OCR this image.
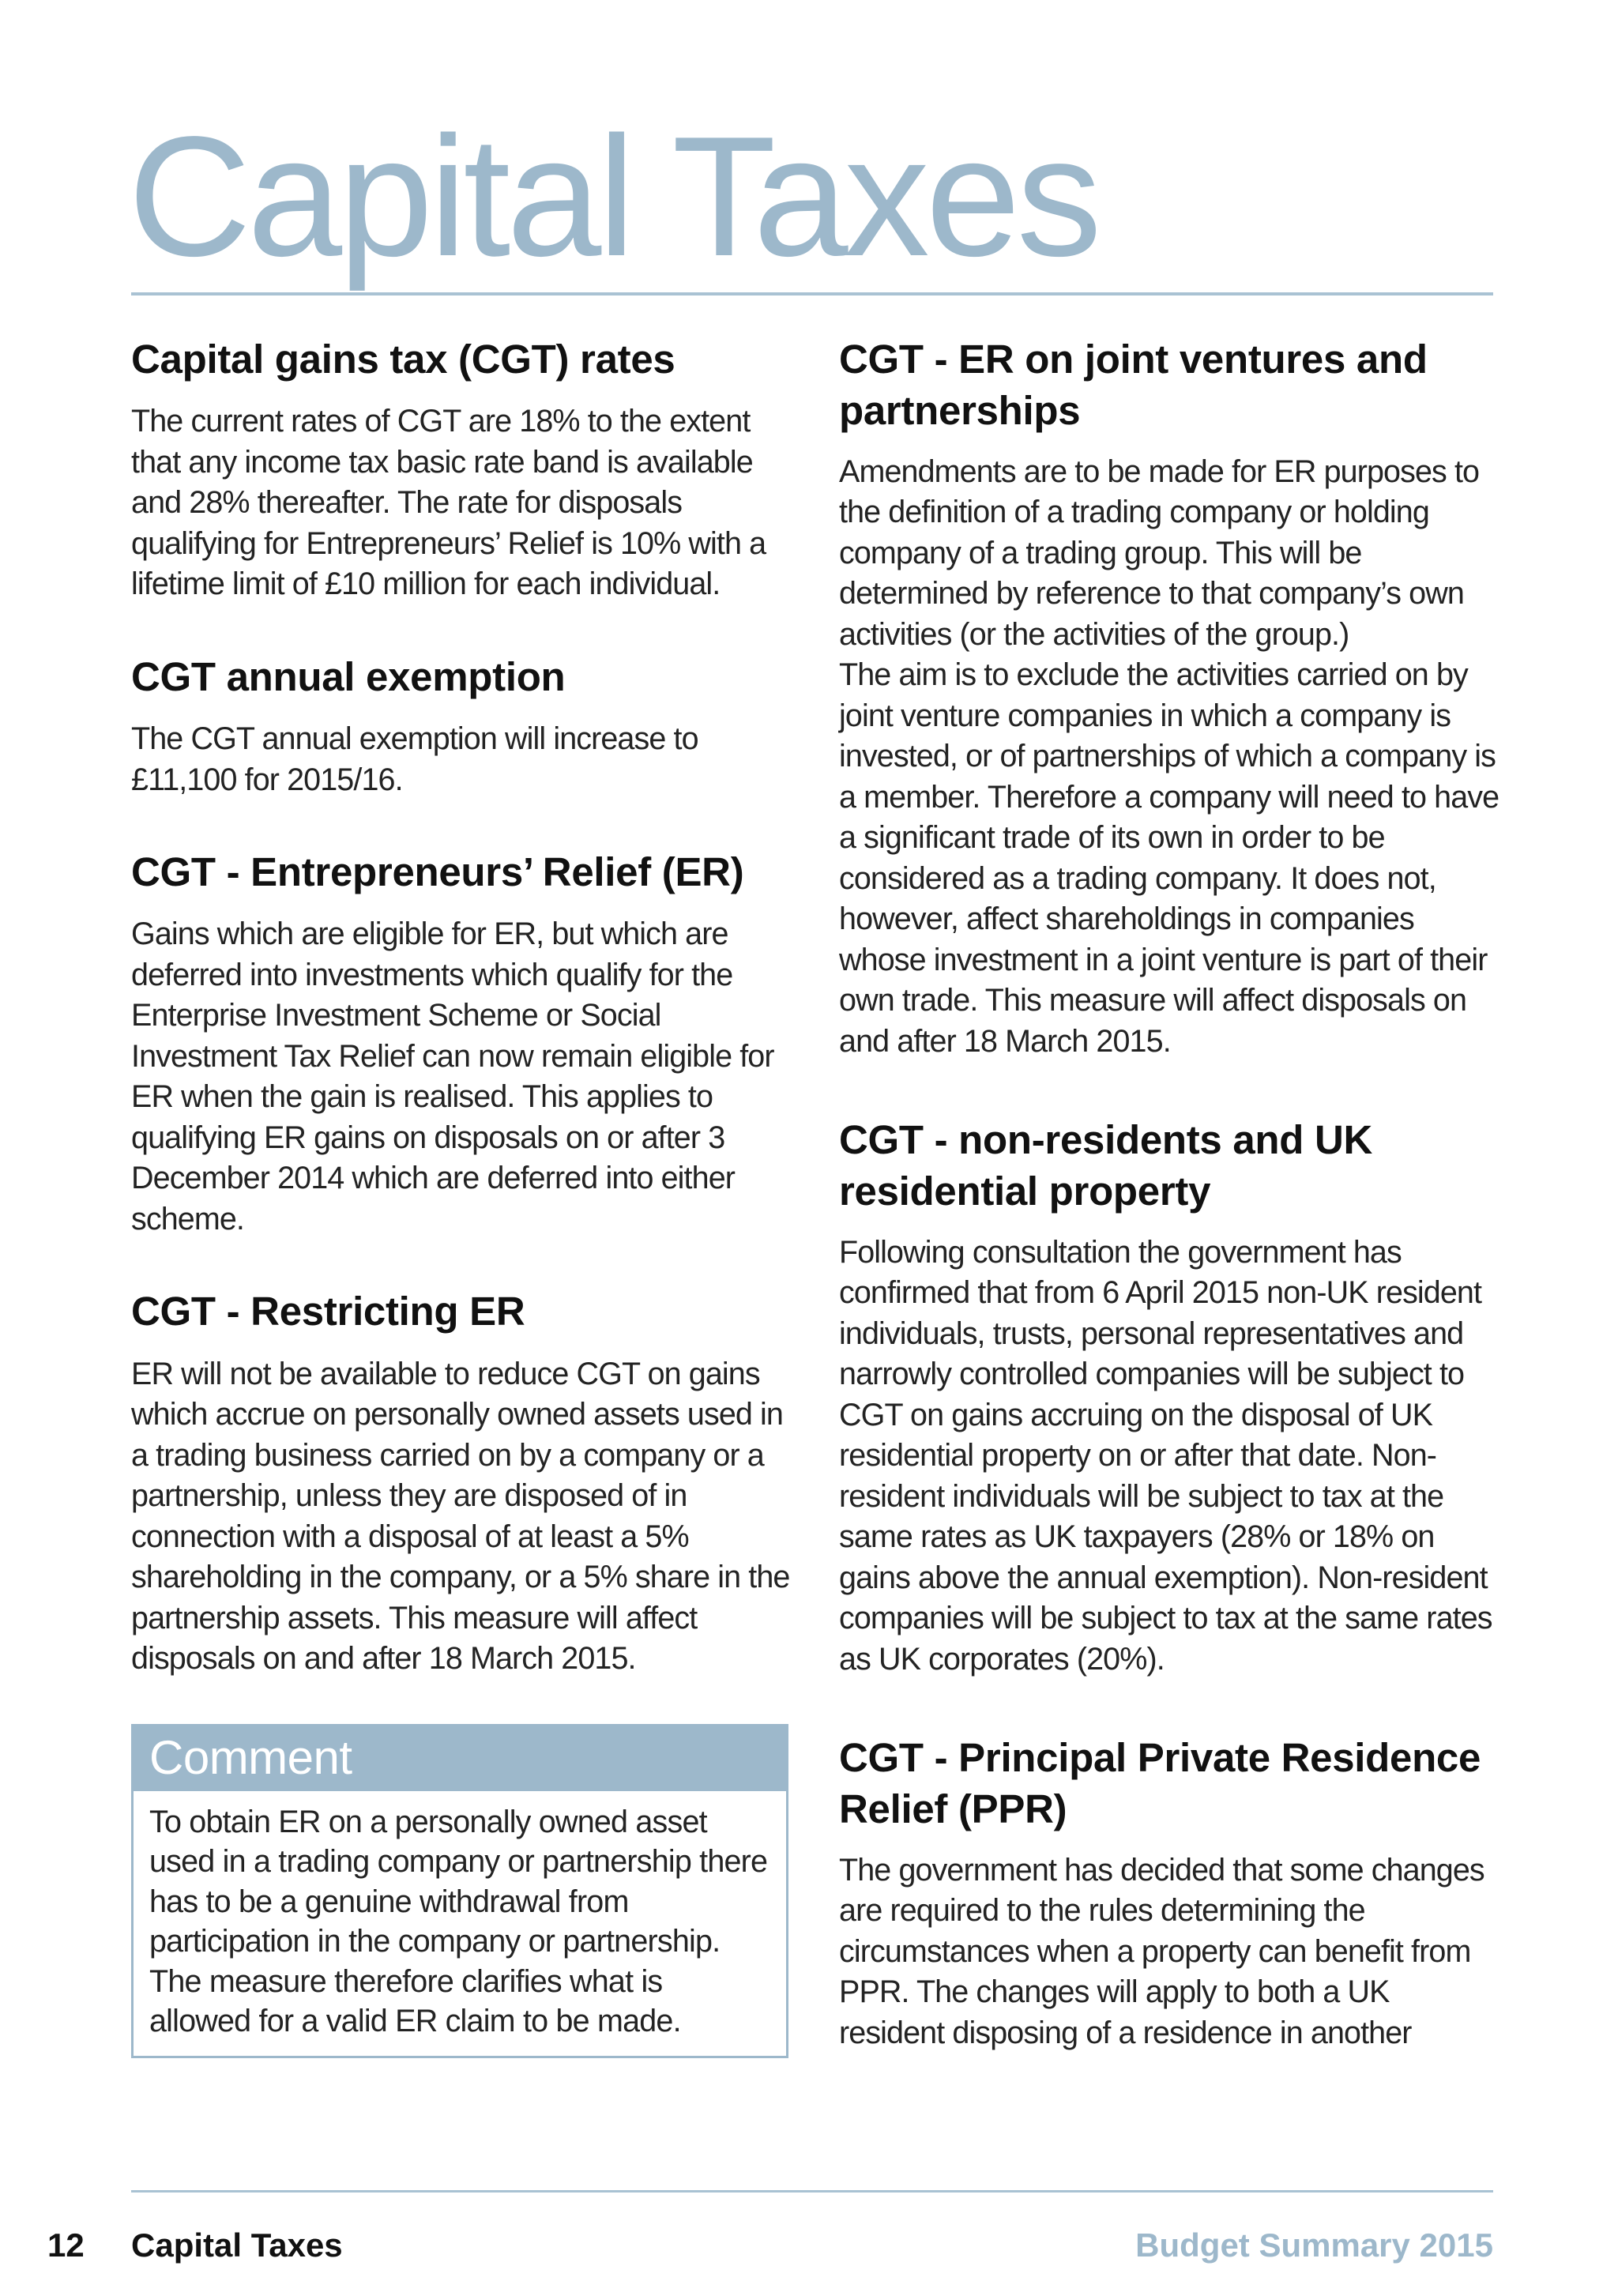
Capital Taxes
Capital gains tax (CGT) rates

The current rates of CGT are 18% to the extent that any income tax basic rate band is available and 28% thereafter. The rate for disposals qualifying for Entrepreneurs’ Relief is 10% with a lifetime limit of £10 million for each individual.

CGT annual exemption

The CGT annual exemption will increase to £11,100 for 2015/16.

CGT - Entrepreneurs’ Relief (ER)

Gains which are eligible for ER, but which are deferred into investments which qualify for the Enterprise Investment Scheme or Social Investment Tax Relief can now remain eligible for ER when the gain is realised. This applies to qualifying ER gains on disposals on or after 3 December 2014 which are deferred into either scheme.

CGT - Restricting ER

ER will not be available to reduce CGT on gains which accrue on personally owned assets used in a trading business carried on by a company or a partnership, unless they are disposed of in connection with a disposal of at least a 5% shareholding in the company, or a 5% share in the partnership assets. This measure will affect disposals on and after 18 March 2015.

Comment
To obtain ER on a personally owned asset used in a trading company or partnership there has to be a genuine withdrawal from participation in the company or partnership. The measure therefore clarifies what is allowed for a valid ER claim to be made.
CGT - ER on joint ventures and partnerships

Amendments are to be made for ER purposes to the definition of a trading company or holding company of a trading group. This will be determined by reference to that company’s own activities (or the activities of the group.)

The aim is to exclude the activities carried on by joint venture companies in which a company is invested, or of partnerships of which a company is a member. Therefore a company will need to have a significant trade of its own in order to be considered as a trading company. It does not, however, affect shareholdings in companies whose investment in a joint venture is part of their own trade. This measure will affect disposals on and after 18 March 2015.

CGT - non-residents and UK residential property

Following consultation the government has confirmed that from 6 April 2015 non-UK resident individuals, trusts, personal representatives and narrowly controlled companies will be subject to CGT on gains accruing on the disposal of UK residential property on or after that date. Non-resident individuals will be subject to tax at the same rates as UK taxpayers (28% or 18% on gains above the annual exemption). Non-resident companies will be subject to tax at the same rates as UK corporates (20%).

CGT - Principal Private Residence Relief (PPR)

The government has decided that some changes are required to the rules determining the circumstances when a property can benefit from PPR. The changes will apply to both a UK resident disposing of a residence in another

12 Capital Taxes	Budget Summary 2015
